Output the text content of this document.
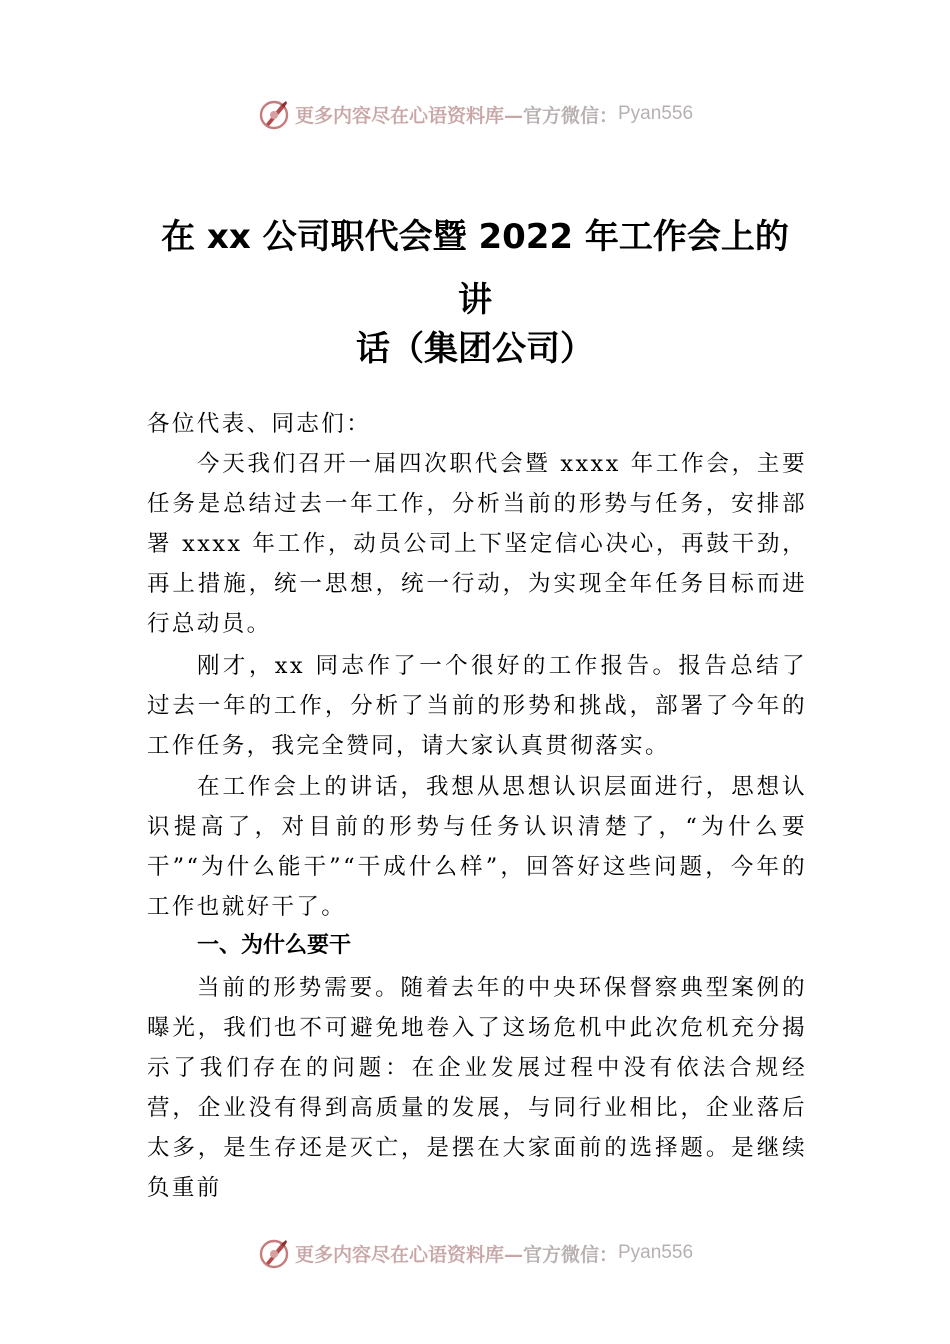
更多内容尽在心语资料库— 官方微信： Pyan556
在 xx 公司职代会暨 2022 年工作会上的
讲
话（集团公司）
各位代表、同志们：
今天我们召开一届四次职代会暨 xxxx 年工作会，主要任务是总结过去一年工作，分析当前的形势与任务，安排部署 xxxx 年工作，动员公司上下坚定信心决心，再鼓干劲，再上措施，统一思想，统一行动，为实现全年任务目标而进行总动员。
刚才，xx 同志作了一个很好的工作报告。报告总结了过去一年的工作，分析了当前的形势和挑战，部署了今年的工作任务，我完全赞同，请大家认真贯彻落实。
在工作会上的讲话，我想从思想认识层面进行，思想认识提高了，对目前的形势与任务认识清楚了，“为什么要干”“为什么能干”“干成什么样”，回答好这些问题，今年的工作也就好干了。
一、为什么要干
当前的形势需要。随着去年的中央环保督察典型案例的曝光，我们也不可避免地卷入了这场危机中此次危机充分揭示了我们存在的问题：在企业发展过程中没有依法合规经营，企业没有得到高质量的发展，与同行业相比，企业落后太多，是生存还是灭亡，是摆在大家面前的选择题。是继续负重前
更多内容尽在心语资料库— 官方微信： Pyan556
